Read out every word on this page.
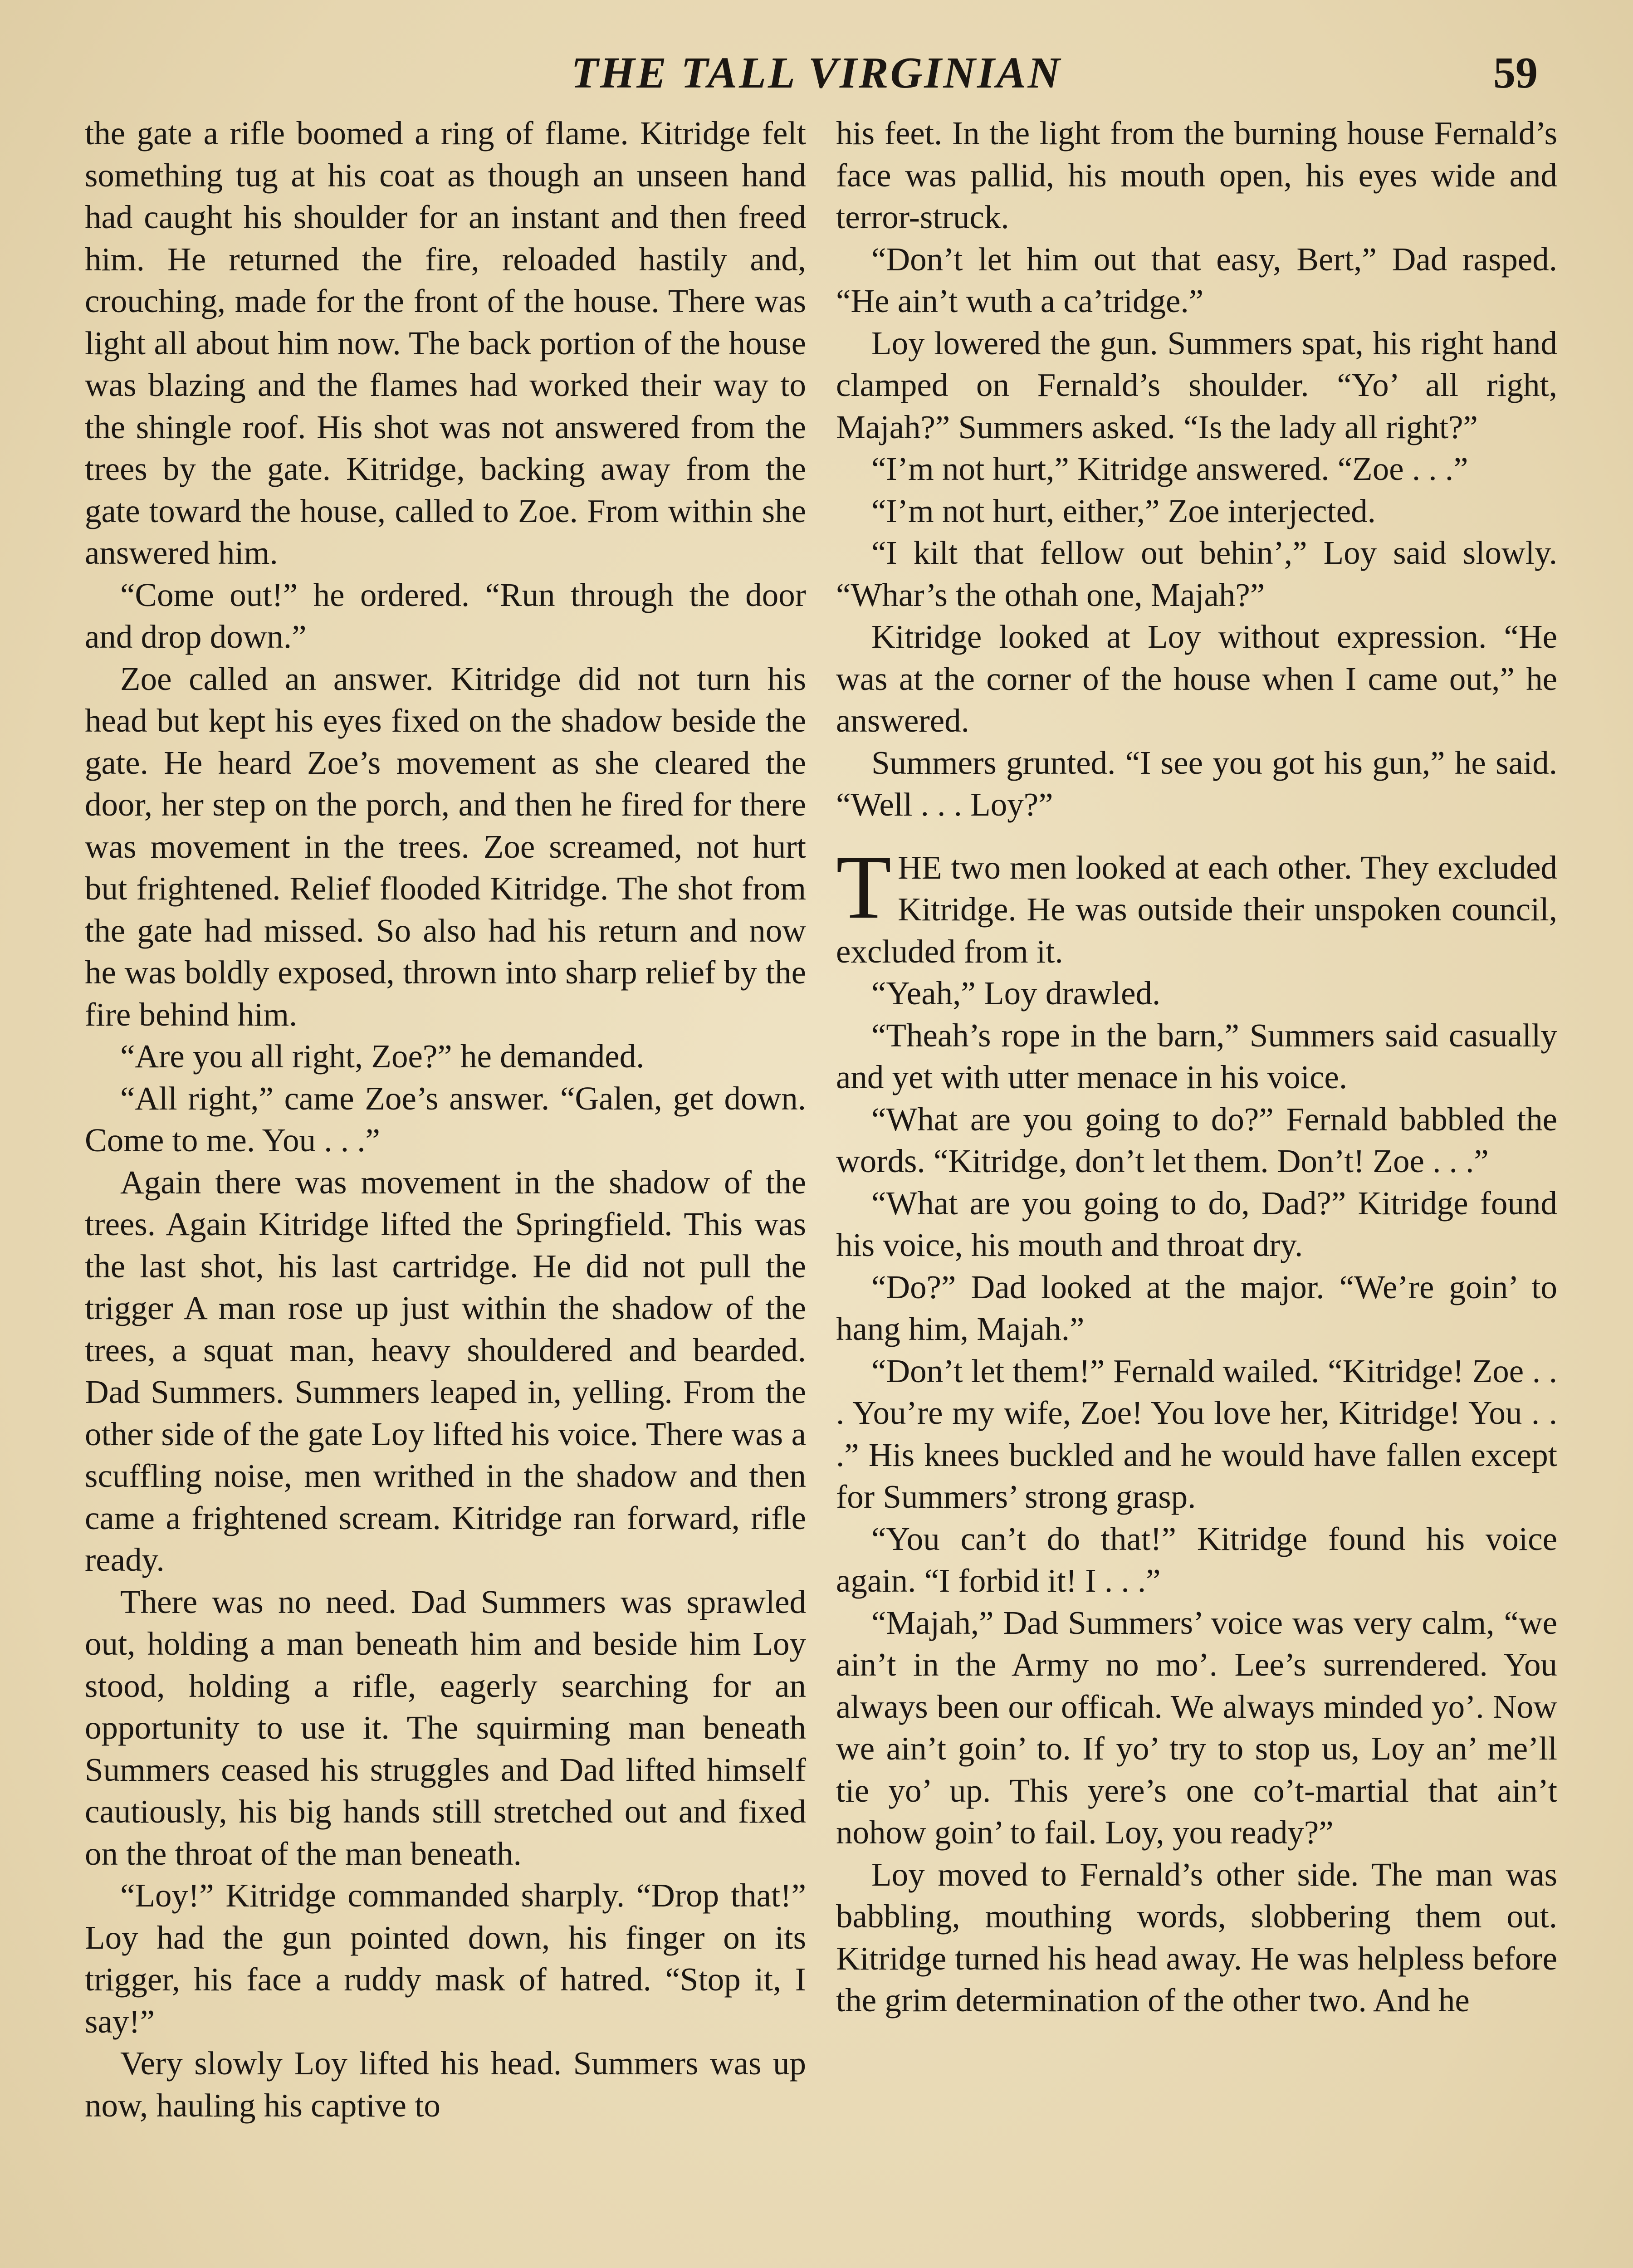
THE TALL VIRGINIAN	59

the gate a rifle boomed a ring of flame. Kitridge felt something tug at his coat as though an unseen hand had caught his shoulder for an instant and then freed him. He returned the fire, reloaded hastily and, crouching, made for the front of the house. There was light all about him now. The back portion of the house was blazing and the flames had worked their way to the shingle roof. His shot was not answered from the trees by the gate. Kitridge, backing away from the gate toward the house, called to Zoe. From within she answered him.

“Come out!” he ordered. “Run through the door and drop down.”

Zoe called an answer. Kitridge did not turn his head but kept his eyes fixed on the shadow beside the gate. He heard Zoe’s movement as she cleared the door, her step on the porch, and then he fired for there was movement in the trees. Zoe screamed, not hurt but frightened. Relief flooded Kitridge. The shot from the gate had missed. So also had his return and now he was boldly exposed, thrown into sharp relief by the fire behind him.

“Are you all right, Zoe?” he demanded.

“All right,” came Zoe’s answer. “Galen, get down. Come to me. You . . .”

Again there was movement in the shadow of the trees. Again Kitridge lifted the Springfield. This was the last shot, his last cartridge. He did not pull the trigger A man rose up just within the shadow of the trees, a squat man, heavy shouldered and bearded. Dad Summers. Summers leaped in, yelling. From the other side of the gate Loy lifted his voice. There was a scuffling noise, men writhed in the shadow and then came a frightened scream. Kitridge ran forward, rifle ready.

There was no need. Dad Summers was sprawled out, holding a man beneath him and beside him Loy stood, holding a rifle, eagerly searching for an opportunity to use it. The squirming man beneath Summers ceased his struggles and Dad lifted himself cautiously, his big hands still stretched out and fixed on the throat of the man beneath.

“Loy!” Kitridge commanded sharply. “Drop that!” Loy had the gun pointed down, his finger on its trigger, his face a ruddy mask of hatred. “Stop it, I say!”

Very slowly Loy lifted his head. Summers was up now, hauling his captive to

his feet. In the light from the burning house Fernald’s face was pallid, his mouth open, his eyes wide and terror-struck.

“Don’t let him out that easy, Bert,” Dad rasped. “He ain’t wuth a ca’tridge.”

Loy lowered the gun. Summers spat, his right hand clamped on Fernald’s shoulder. “Yo’ all right, Majah?” Summers asked. “Is the lady all right?”

“I’m not hurt,” Kitridge answered. “Zoe . . .”

“I’m not hurt, either,” Zoe interjected.

“I kilt that fellow out behin’,” Loy said slowly. “Whar’s the othah one, Majah?”

Kitridge looked at Loy without expression. “He was at the corner of the house when I came out,” he answered.

Summers grunted. “I see you got his gun,” he said. “Well . . . Loy?”

THE two men looked at each other. They excluded Kitridge. He was outside their unspoken council, excluded from it.

“Yeah,” Loy drawled.

“Theah’s rope in the barn,” Summers said casually and yet with utter menace in his voice.

“What are you going to do?” Fernald babbled the words. “Kitridge, don’t let them. Don’t! Zoe . . .”

“What are you going to do, Dad?” Kitridge found his voice, his mouth and throat dry.

“Do?” Dad looked at the major. “We’re goin’ to hang him, Majah.”

“Don’t let them!” Fernald wailed. “Kitridge! Zoe . . . You’re my wife, Zoe! You love her, Kitridge! You . . .” His knees buckled and he would have fallen except for Summers’ strong grasp.

“You can’t do that!” Kitridge found his voice again. “I forbid it! I . . .”

“Majah,” Dad Summers’ voice was very calm, “we ain’t in the Army no mo’. Lee’s surrendered. You always been our officah. We always minded yo’. Now we ain’t goin’ to. If yo’ try to stop us, Loy an’ me’ll tie yo’ up. This yere’s one co’t-martial that ain’t nohow goin’ to fail. Loy, you ready?”

Loy moved to Fernald’s other side. The man was babbling, mouthing words, slobbering them out. Kitridge turned his head away. He was helpless before the grim determination of the other two. And he
